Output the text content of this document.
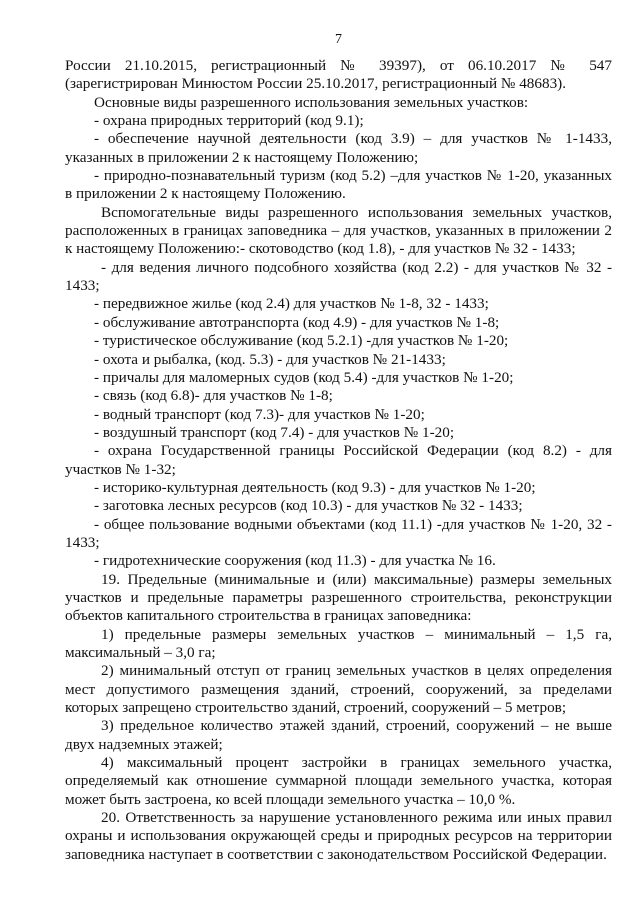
7

России 21.10.2015, регистрационный № 39397), от 06.10.2017 № 547 (зарегистрирован Минюстом России 25.10.2017, регистрационный № 48683).

Основные виды разрешенного использования земельных участков:

- охрана природных территорий (код 9.1);

- обеспечение научной деятельности (код 3.9) – для участков № 1-1433, указанных в приложении 2 к настоящему Положению;

- природно-познавательный туризм (код 5.2) –для участков № 1-20, указанных в приложении 2 к настоящему Положению.

Вспомогательные виды разрешенного использования земельных участков, расположенных в границах заповедника – для участков, указанных в приложении 2 к настоящему Положению:- скотоводство (код 1.8), - для участков № 32 - 1433;

- для ведения личного подсобного хозяйства (код 2.2) - для участков № 32 - 1433;

- передвижное жилье (код 2.4) для участков № 1-8, 32 - 1433;

- обслуживание автотранспорта (код 4.9) - для участков № 1-8;

- туристическое обслуживание (код 5.2.1) -для участков № 1-20;

- охота и рыбалка, (код. 5.3) - для участков № 21-1433;

- причалы для маломерных судов (код 5.4) -для участков № 1-20;

- связь (код 6.8)- для участков № 1-8;

- водный транспорт (код 7.3)- для участков № 1-20;

- воздушный транспорт (код 7.4) - для участков № 1-20;

- охрана Государственной границы Российской Федерации (код 8.2) - для участков № 1-32;

- историко-культурная деятельность (код 9.3) - для участков № 1-20;

- заготовка лесных ресурсов (код 10.3) - для участков № 32 - 1433;

- общее пользование водными объектами (код 11.1) -для участков № 1-20, 32 - 1433;

- гидротехнические сооружения (код 11.3) - для участка № 16.

19. Предельные (минимальные и (или) максимальные) размеры земельных участков и предельные параметры разрешенного строительства, реконструкции объектов капитального строительства в границах заповедника:

1) предельные размеры земельных участков – минимальный – 1,5 га, максимальный – 3,0 га;

2) минимальный отступ от границ земельных участков в целях определения мест допустимого размещения зданий, строений, сооружений, за пределами которых запрещено строительство зданий, строений, сооружений – 5 метров;

3) предельное количество этажей зданий, строений, сооружений – не выше двух надземных этажей;

4) максимальный процент застройки в границах земельного участка, определяемый как отношение суммарной площади земельного участка, которая может быть застроена, ко всей площади земельного участка – 10,0 %.

20. Ответственность за нарушение установленного режима или иных правил охраны и использования окружающей среды и природных ресурсов на территории заповедника наступает в соответствии с законодательством Российской Федерации.
